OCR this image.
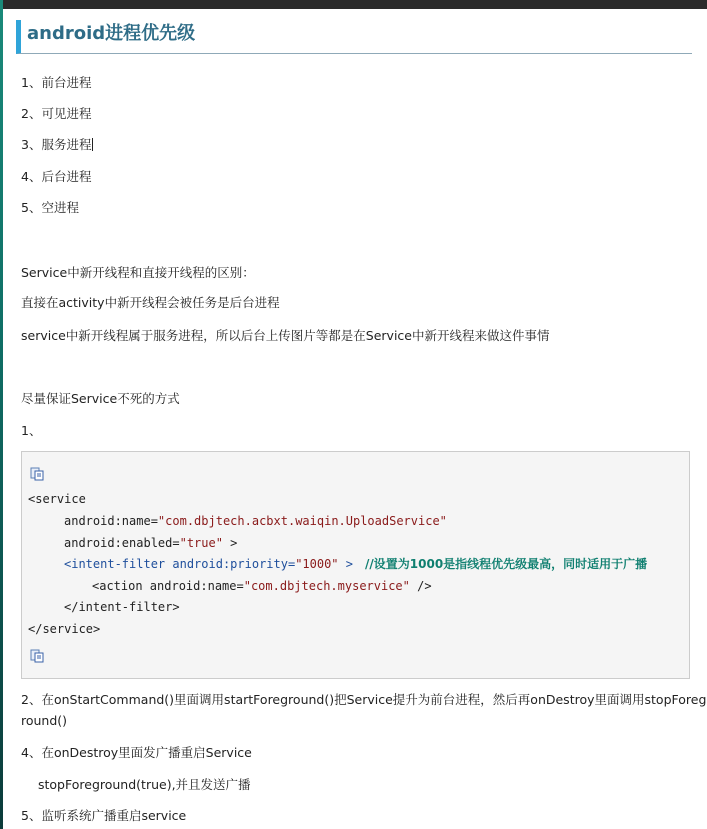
android进程优先级
1、前台进程
2、可见进程
3、服务进程
4、后台进程
5、空进程
Service中新开线程和直接开线程的区别：
直接在activity中新开线程会被任务是后台进程
service中新开线程属于服务进程，所以后台上传图片等都是在Service中新开线程来做这件事情
尽量保证Service不死的方式
1、
<service
android:name="com.dbjtech.acbxt.waiqin.UploadService"
android:enabled="true" >
<intent-filter android:priority="1000" > //设置为1000是指线程优先级最高，同时适用于广播
<action android:name="com.dbjtech.myservice" />
</intent-filter>
</service>
2、在onStartCommand()里面调用startForeground()把Service提升为前台进程，然后再onDestroy里面调用stopForeg
round()
4、在onDestroy里面发广播重启Service
stopForeground(true),并且发送广播
5、监听系统广播重启service
